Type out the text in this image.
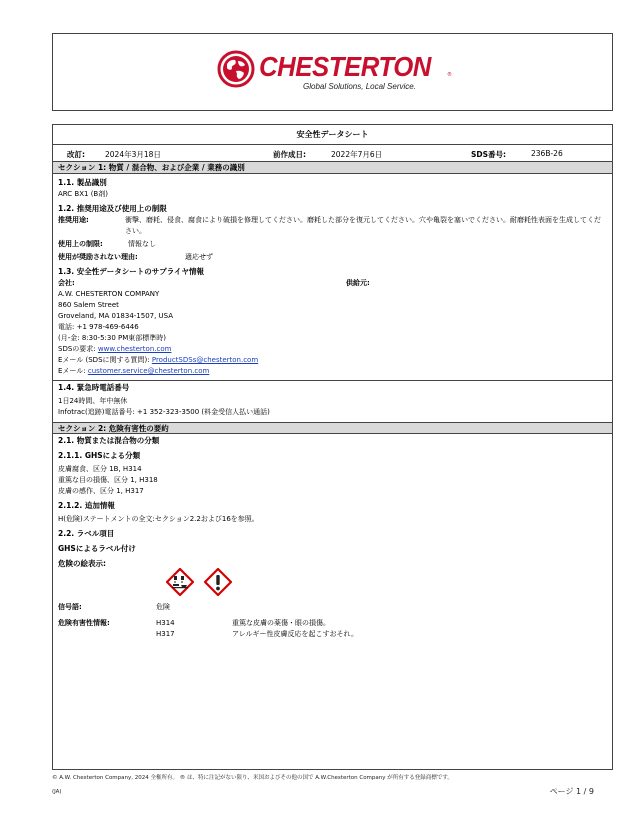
CHESTERTON	®
Global Solutions, Local Service.
安全性データシート
改訂:	2024年3月18日	前作成日:	2022年7月6日	SDS番号:	236B-26
セクション 1: 物質 / 混合物、および企業 / 業務の識別
1.1. 製品識別
ARC BX1 (B剤)
1.2. 推奨用途及び使用上の制限
推奨用途:	衝撃、磨耗、侵食、腐食により破損を修理してください。磨耗した部分を復元してください。穴や亀裂を塞いでください。耐磨耗性表面を生成してください。
使用上の制限:	情報なし
使用が奨励されない理由:	適応せず
1.3. 安全性データシートのサプライヤ情報
会社:	供給元:
A.W. CHESTERTON COMPANY
860 Salem Street
Groveland, MA 01834-1507, USA
電話: +1 978-469-6446
(月-金: 8:30-5:30 PM東部標準時)
SDSの要求: www.chesterton.com
Eメール (SDSに関する質問): ProductSDSs@chesterton.com
Eメール: customer.service@chesterton.com
1.4. 緊急時電話番号
1日24時間、年中無休
Infotrac(追跡)電話番号: +1 352-323-3500 (料金受信人払い通話)
セクション 2: 危険有害性の要約
2.1. 物質または混合物の分類
2.1.1. GHSによる分類
皮膚腐食、区分 1B, H314
重篤な目の損傷、区分 1, H318
皮膚の感作、区分 1, H317
2.1.2. 追加情報
H(危険)ステートメントの全文:セクション2.2および16を参照。
2.2. ラベル項目
GHSによるラベル付け
危険の絵表示:
信号語:	危険
危険有害性情報:	H314	重篤な皮膚の薬傷・眼の損傷。
H317	アレルギー性皮膚反応を起こすおそれ。
© A.W. Chesterton Company, 2024 全権所有。 ® は、特に注記がない限り、米国およびその他の国で A.W.Chesterton Company が所有する登録商標です。
(JA)	ページ 1 / 9
